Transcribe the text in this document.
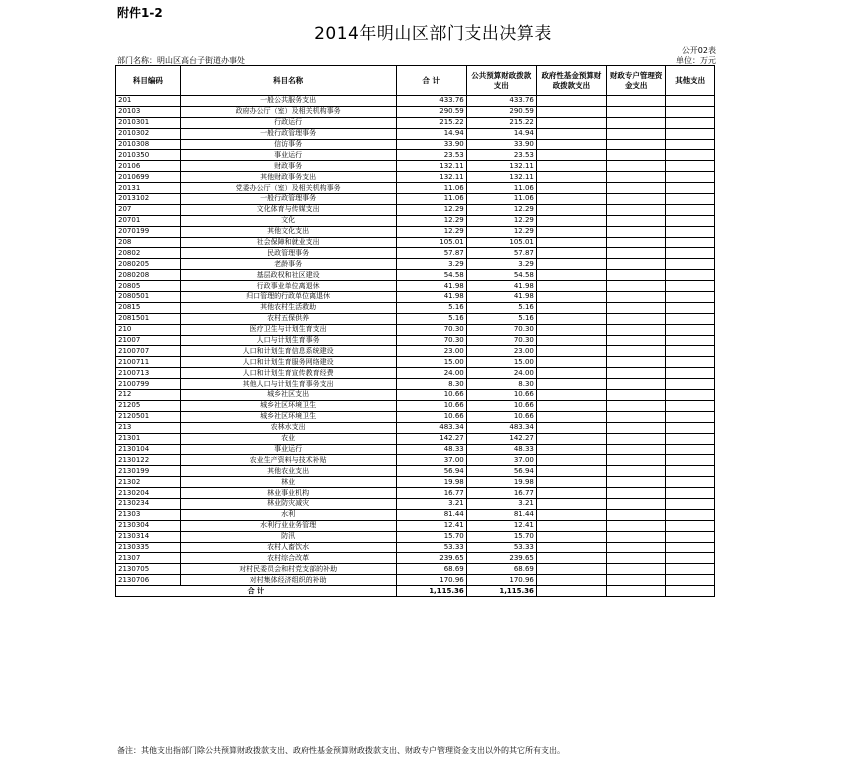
附件1-2
2014年明山区部门支出决算表
公开02表
部门名称：明山区高台子街道办事处	单位：万元
科目编码	科目名称	合 计	公共预算财政拨款支出	政府性基金预算财政拨款支出	财政专户管理资金支出	其他支出
201	一般公共服务支出	433.76	433.76			
20103	政府办公厅（室）及相关机构事务	290.59	290.59			
2010301	行政运行	215.22	215.22			
2010302	一般行政管理事务	14.94	14.94			
2010308	信访事务	33.90	33.90			
2010350	事业运行	23.53	23.53			
20106	财政事务	132.11	132.11			
2010699	其他财政事务支出	132.11	132.11			
20131	党委办公厅（室）及相关机构事务	11.06	11.06			
2013102	一般行政管理事务	11.06	11.06			
207	文化体育与传媒支出	12.29	12.29			
20701	文化	12.29	12.29			
2070199	其他文化支出	12.29	12.29			
208	社会保障和就业支出	105.01	105.01			
20802	民政管理事务	57.87	57.87			
2080205	老龄事务	3.29	3.29			
2080208	基层政权和社区建设	54.58	54.58			
20805	行政事业单位离退休	41.98	41.98			
2080501	归口管理的行政单位离退休	41.98	41.98			
20815	其他农村生活救助	5.16	5.16			
2081501	农村五保供养	5.16	5.16			
210	医疗卫生与计划生育支出	70.30	70.30			
21007	人口与计划生育事务	70.30	70.30			
2100707	人口和计划生育信息系统建设	23.00	23.00			
2100711	人口和计划生育服务网络建设	15.00	15.00			
2100713	人口和计划生育宣传教育经费	24.00	24.00			
2100799	其他人口与计划生育事务支出	8.30	8.30			
212	城乡社区支出	10.66	10.66			
21205	城乡社区环境卫生	10.66	10.66			
2120501	城乡社区环境卫生	10.66	10.66			
213	农林水支出	483.34	483.34			
21301	农业	142.27	142.27			
2130104	事业运行	48.33	48.33			
2130122	农业生产资料与技术补贴	37.00	37.00			
2130199	其他农业支出	56.94	56.94			
21302	林业	19.98	19.98			
2130204	林业事业机构	16.77	16.77			
2130234	林业防灾减灾	3.21	3.21			
21303	水利	81.44	81.44			
2130304	水利行业业务管理	12.41	12.41			
2130314	防汛	15.70	15.70			
2130335	农村人畜饮水	53.33	53.33			
21307	农村综合改革	239.65	239.65			
2130705	对村民委员会和村党支部的补助	68.69	68.69			
2130706	对村集体经济组织的补助	170.96	170.96			
合 计		1,115.36	1,115.36			
备注：其他支出指部门除公共预算财政拨款支出、政府性基金预算财政拨款支出、财政专户管理资金支出以外的其它所有支出。
